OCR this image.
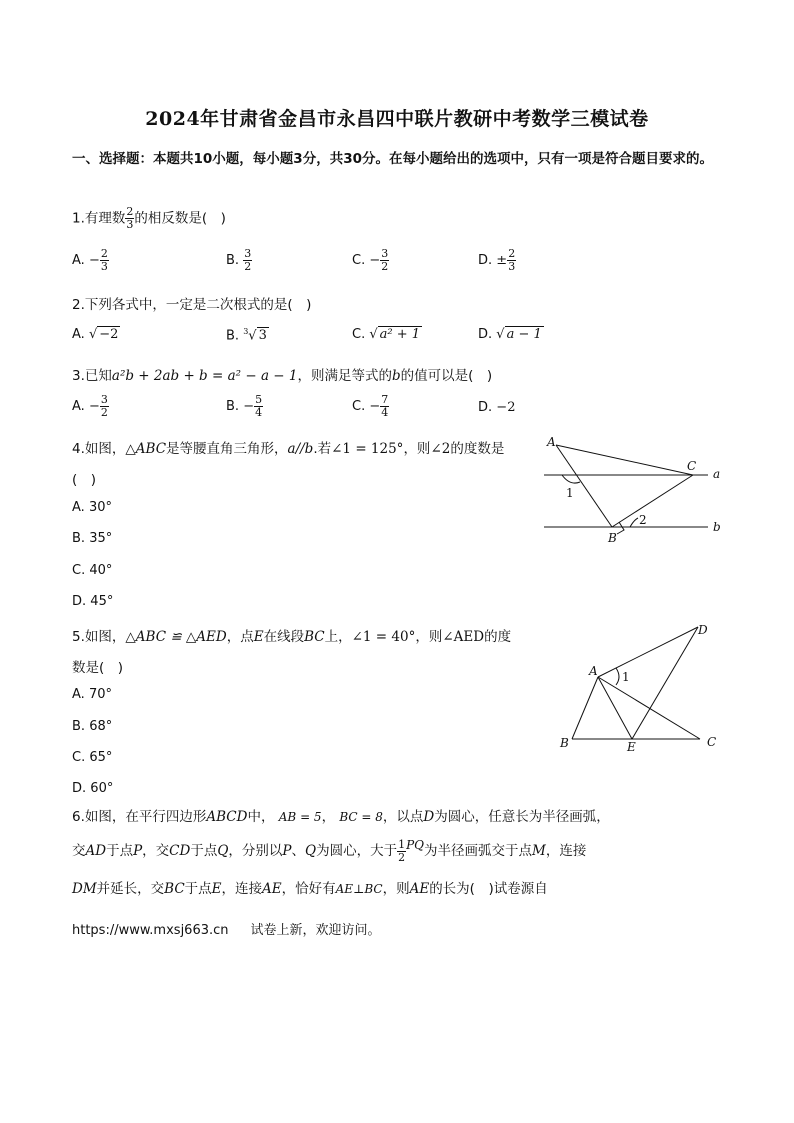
2024年甘肃省金昌市永昌四中联片教研中考数学三模试卷
一、选择题：本题共10小题，每小题3分，共30分。在每小题给出的选项中，只有一项是符合题目要求的。
1.有理数 $\frac{2}{3}$ 的相反数是(　)
A. − $\frac{2}{3}$	B. $\frac{3}{2}$	C. − $\frac{3}{2}$	D. ± $\frac{2}{3}$
2.下列各式中，一定是二次根式的是(　)
A. √ −2	B. $^3$√ 3	C. √ a² + 1	D. √ a − 1
3.已知a²b + 2ab + b = a² − a − 1，则满足等式的b的值可以是(　)
A. − $\frac{3}{2}$	B. − $\frac{5}{4}$	C. − $\frac{7}{4}$	D. −2
4.如图，△ABC是等腰直角三角形，a//b.若∠1 = 125°，则∠2的度数是
(　)
A. 30°
B. 35°
C. 40°
D. 45°
A
C
B
a
b
1
2
5.如图，△ABC ≌ △AED，点E在线段BC上，∠1 = 40°，则∠AED的度
数是(　)
A. 70°
B. 68°
C. 65°
D. 60°
A
B	C
D
E
1
6.如图，在平行四边形ABCD中， AB = 5， BC = 8，以点D为圆心，任意长为半径画弧，
交AD于点P，交CD于点Q，分别以P、Q为圆心，大于 $\frac{1}{2}$ PQ为半径画弧交于点M，连接
DM并延长，交BC于点E，连接AE，恰好有AE⊥BC，则AE的长为(　)试卷源自
https://www.mxsj663.cn 试卷上新，欢迎访问。
